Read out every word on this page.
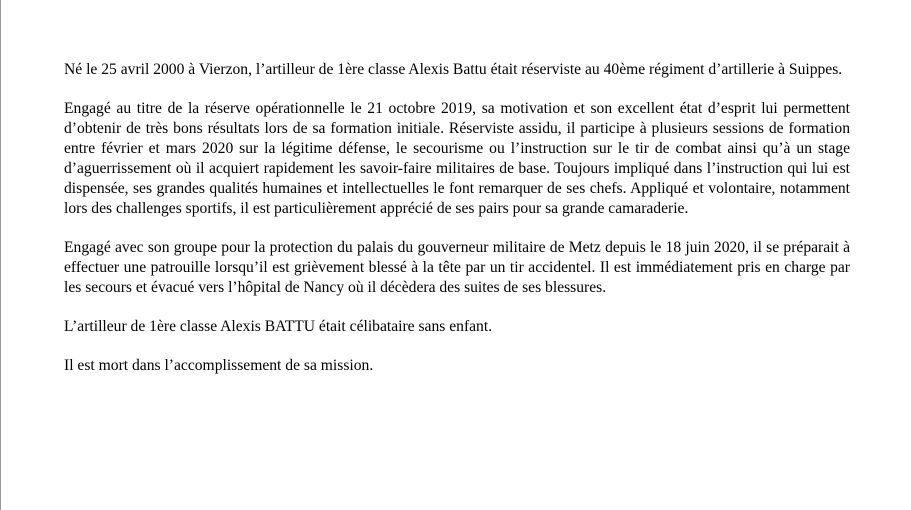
Né le 25 avril 2000 à Vierzon, l’artilleur de 1ère classe Alexis Battu était réserviste au 40ème régiment d’artillerie à Suippes.

Engagé au titre de la réserve opérationnelle le 21 octobre 2019, sa motivation et son excellent état d’esprit lui permettent d’obtenir de très bons résultats lors de sa formation initiale. Réserviste assidu, il participe à plusieurs sessions de formation entre février et mars 2020 sur la légitime défense, le secourisme ou l’instruction sur le tir de combat ainsi qu’à un stage d’aguerrissement où il acquiert rapidement les savoir-faire militaires de base. Toujours impliqué dans l’instruction qui lui est dispensée, ses grandes qualités humaines et intellectuelles le font remarquer de ses chefs. Appliqué et volontaire, notamment lors des challenges sportifs, il est particulièrement apprécié de ses pairs pour sa grande camaraderie.

Engagé avec son groupe pour la protection du palais du gouverneur militaire de Metz depuis le 18 juin 2020, il se préparait à effectuer une patrouille lorsqu’il est grièvement blessé à la tête par un tir accidentel. Il est immédiatement pris en charge par les secours et évacué vers l’hôpital de Nancy où il décèdera des suites de ses blessures.

L’artilleur de 1ère classe Alexis BATTU était célibataire sans enfant.

Il est mort dans l’accomplissement de sa mission.
